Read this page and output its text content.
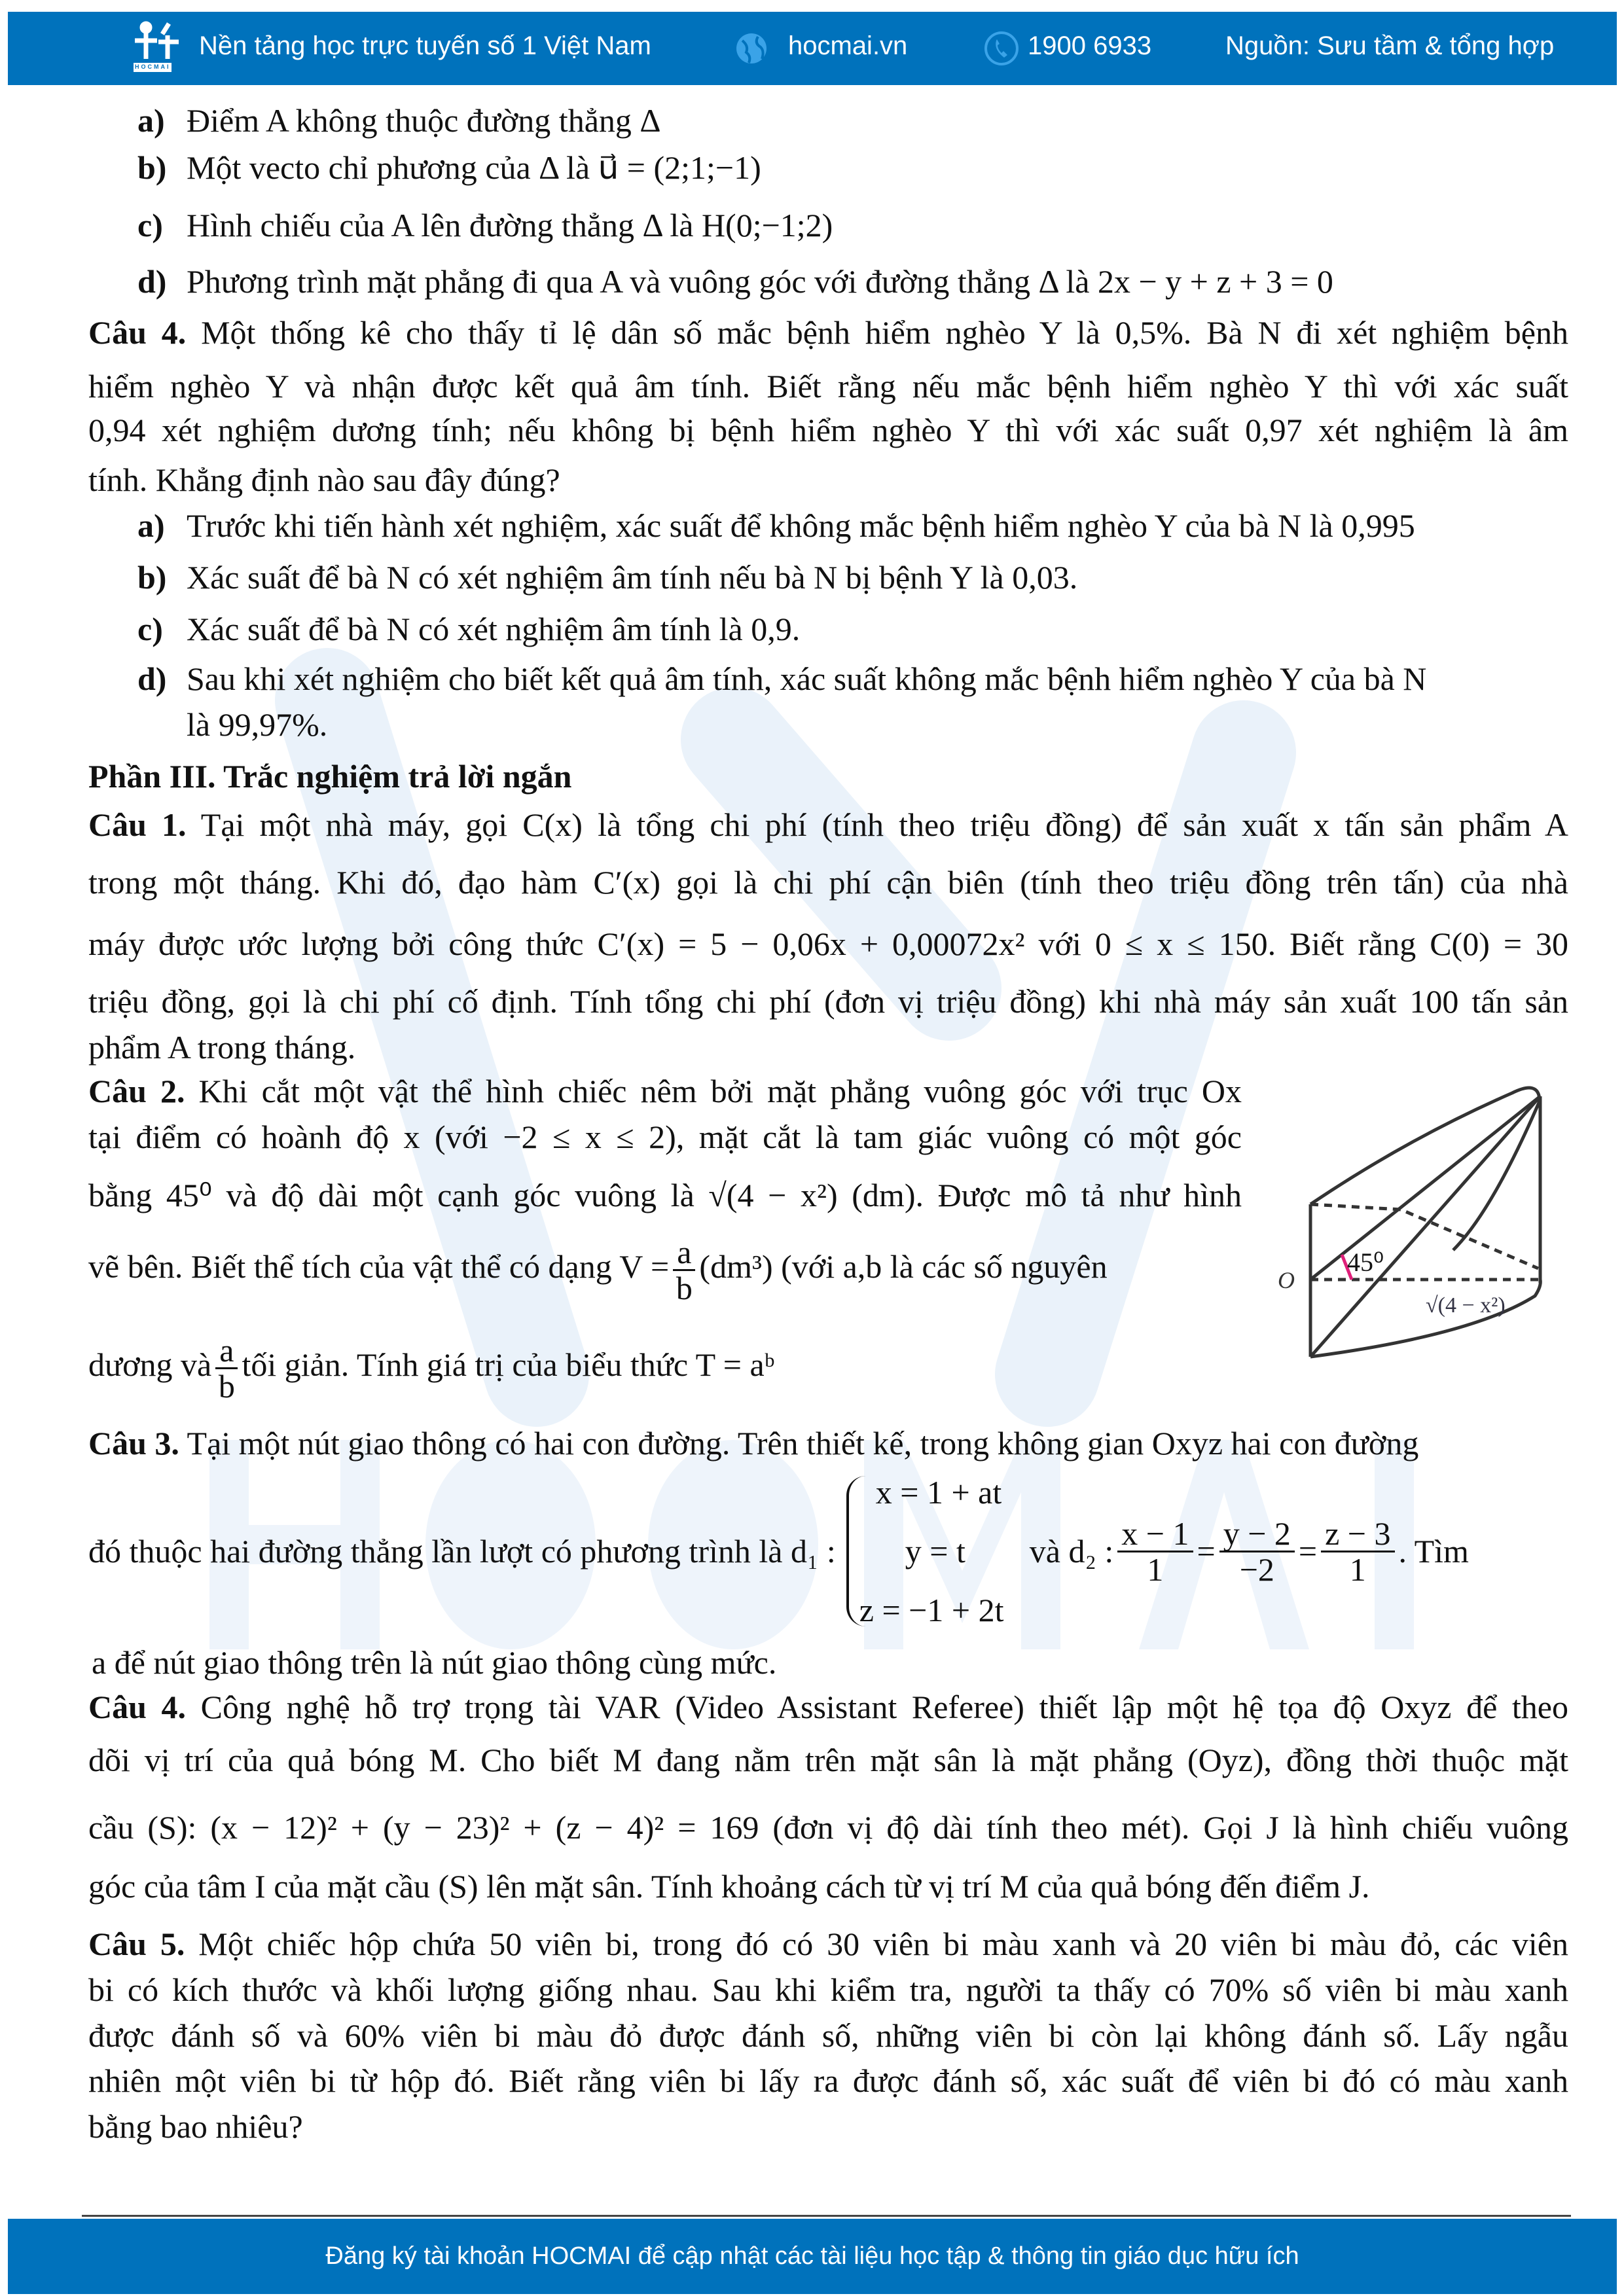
HOCMAI
Nền tảng học trực tuyến số 1 Việt Nam	hocmai.vn	1900 6933	Nguồn: Sưu tầm & tổng hợp
a) Điểm A không thuộc đường thẳng Δ
b) Một vecto chỉ phương của Δ là u⃗ = (2;1;−1)
c) Hình chiếu của A lên đường thẳng Δ là H(0;−1;2)
d) Phương trình mặt phẳng đi qua A và vuông góc với đường thẳng Δ là 2x − y + z + 3 = 0
Câu 4. Một thống kê cho thấy tỉ lệ dân số mắc bệnh hiểm nghèo Y là 0,5%. Bà N đi xét nghiệm bệnh
hiểm nghèo Y và nhận được kết quả âm tính. Biết rằng nếu mắc bệnh hiểm nghèo Y thì với xác suất
0,94 xét nghiệm dương tính; nếu không bị bệnh hiểm nghèo Y thì với xác suất 0,97 xét nghiệm là âm
tính. Khẳng định nào sau đây đúng?
a) Trước khi tiến hành xét nghiệm, xác suất để không mắc bệnh hiểm nghèo Y của bà N là 0,995
b) Xác suất để bà N có xét nghiệm âm tính nếu bà N bị bệnh Y là 0,03.
c) Xác suất để bà N có xét nghiệm âm tính là 0,9.
d) Sau khi xét nghiệm cho biết kết quả âm tính, xác suất không mắc bệnh hiểm nghèo Y của bà N
là 99,97%.
Phần III. Trắc nghiệm trả lời ngắn
Câu 1. Tại một nhà máy, gọi C(x) là tổng chi phí (tính theo triệu đồng) để sản xuất x tấn sản phẩm A
trong một tháng. Khi đó, đạo hàm C′(x) gọi là chi phí cận biên (tính theo triệu đồng trên tấn) của nhà
máy được ước lượng bởi công thức C′(x) = 5 − 0,06x + 0,00072x² với 0 ≤ x ≤ 150. Biết rằng C(0) = 30
triệu đồng, gọi là chi phí cố định. Tính tổng chi phí (đơn vị triệu đồng) khi nhà máy sản xuất 100 tấn sản
phẩm A trong tháng.
Câu 2. Khi cắt một vật thể hình chiếc nêm bởi mặt phẳng vuông góc với trục Ox
tại điểm có hoành độ x (với −2 ≤ x ≤ 2), mặt cắt là tam giác vuông có một góc
bằng 45⁰ và độ dài một cạnh góc vuông là √(4 − x²) (dm). Được mô tả như hình
vẽ bên. Biết thể tích của vật thể có dạng $V = \frac{a}{b} (dm^3)$ (với a,b là các số nguyên
dương và $\frac{a}{b}$ tối giản. Tính giá trị của biểu thức T = aᵇ
O
45⁰
√(4 − x²)
Câu 3. Tại một nút giao thông có hai con đường. Trên thiết kế, trong không gian Oxyz hai con đường
đó thuộc hai đường thẳng lần lượt có phương trình là d₁ :
x = 1 + at
y = t
z = −1 + 2t
và d₂ : $\frac{x - 1}{1} = \frac{y - 2}{-2} = \frac{z - 3}{1}$ . Tìm
a để nút giao thông trên là nút giao thông cùng mức.
Câu 4. Công nghệ hỗ trợ trọng tài VAR (Video Assistant Referee) thiết lập một hệ tọa độ Oxyz để theo
dõi vị trí của quả bóng M. Cho biết M đang nằm trên mặt sân là mặt phẳng (Oyz), đồng thời thuộc mặt
cầu (S): (x − 12)² + (y − 23)² + (z − 4)² = 169 (đơn vị độ dài tính theo mét). Gọi J là hình chiếu vuông
góc của tâm I của mặt cầu (S) lên mặt sân. Tính khoảng cách từ vị trí M của quả bóng đến điểm J.
Câu 5. Một chiếc hộp chứa 50 viên bi, trong đó có 30 viên bi màu xanh và 20 viên bi màu đỏ, các viên
bi có kích thước và khối lượng giống nhau. Sau khi kiểm tra, người ta thấy có 70% số viên bi màu xanh
được đánh số và 60% viên bi màu đỏ được đánh số, những viên bi còn lại không đánh số. Lấy ngẫu
nhiên một viên bi từ hộp đó. Biết rằng viên bi lấy ra được đánh số, xác suất để viên bi đó có màu xanh
bằng bao nhiêu?
Đăng ký tài khoản HOCMAI để cập nhật các tài liệu học tập & thông tin giáo dục hữu ích
